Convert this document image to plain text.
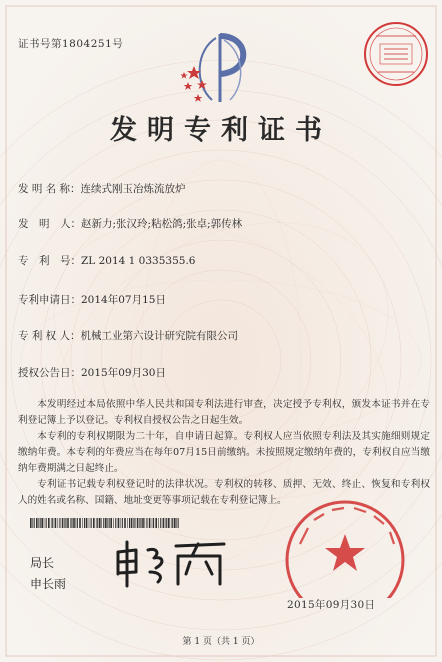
证书号第1804251号
发明专利证书
发 明 名 称：连续式刚玉冶炼流放炉
发　明　人：赵新力;张汉玲;粘松鸽;张卓;郭传林
专　利　号：ZL 2014 1 0335355.6
专利申请日：2014年07月15日
专 利 权 人：机械工业第六设计研究院有限公司
授权公告日：2015年09月30日

本发明经过本局依照中华人民共和国专利法进行审查，决定授予专利权，颁发本证书并在专利登记簿上予以登记。专利权自授权公告之日起生效。

本专利的专利权期限为二十年，自申请日起算。专利权人应当依照专利法及其实施细则规定缴纳年费。本专利的年费应当在每年07月15日前缴纳。未按照规定缴纳年费的，专利权自应当缴纳年费期满之日起终止。

专利证书记载专利权登记时的法律状况。专利权的转移、质押、无效、终止、恢复和专利权人的姓名或名称、国籍、地址变更等事项记载在专利登记簿上。

局长
申长雨
2015年09月30日
第 1 页（共 1 页）
